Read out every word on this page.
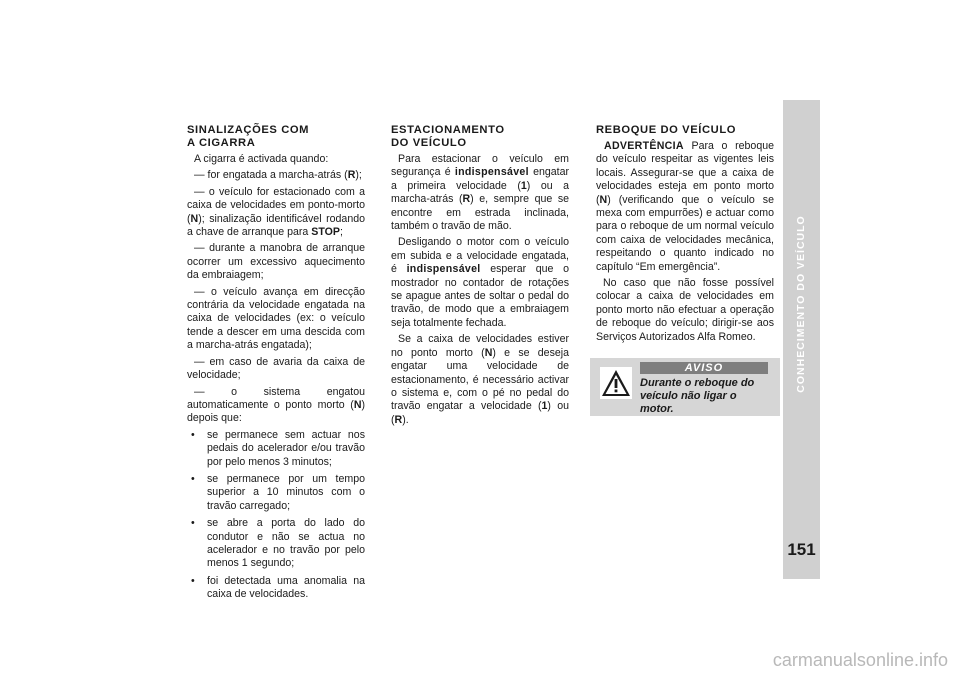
SINALIZAÇÕES COM
A CIGARRA

A cigarra é activada quando:

— for engatada a marcha-atrás (R);

— o veículo for estacionado com a caixa de velocidades em ponto-morto (N); sinalização identificável rodando a chave de arranque para STOP;

— durante a manobra de arranque ocorrer um excessivo aquecimento da embraiagem;

— o veículo avança em direcção contrária da velocidade engatada na caixa de velocidades (ex: o veículo tende a descer em uma descida com a marcha-atrás engatada);

— em caso de avaria da caixa de velocidade;

— o sistema engatou automaticamente o ponto morto (N) depois que:

• se permanece sem actuar nos pedais do acelerador e/ou travão por pelo menos 3 minutos;
• se permanece por um tempo superior a 10 minutos com o travão carregado;
• se abre a porta do lado do condutor e não se actua no acelerador e no travão por pelo menos 1 segundo;
• foi detectada uma anomalia na caixa de velocidades.
ESTACIONAMENTO
DO VEÍCULO

Para estacionar o veículo em segurança é indispensável engatar a primeira velocidade (1) ou a marcha-atrás (R) e, sempre que se encontre em estrada inclinada, também o travão de mão.

Desligando o motor com o veículo em subida e a velocidade engatada, é indispensável esperar que o mostrador no contador de rotações se apague antes de soltar o pedal do travão, de modo que a embraiagem seja totalmente fechada.

Se a caixa de velocidades estiver no ponto morto (N) e se deseja engatar uma velocidade de estacionamento, é necessário activar o sistema e, com o pé no pedal do travão engatar a velocidade (1) ou (R).

REBOQUE DO VEÍCULO

ADVERTÊNCIA Para o reboque do veículo respeitar as vigentes leis locais. Assegurar-se que a caixa de velocidades esteja em ponto morto (N) (verificando que o veículo se mexa com empurrões) e actuar como para o reboque de um normal veículo com caixa de velocidades mecânica, respeitando o quanto indicado no capítulo “Em emergência”.

No caso que não fosse possível colocar a caixa de velocidades em ponto morto não efectuar a operação de reboque do veículo; dirigir-se aos Serviços Autorizados Alfa Romeo.

AVISO
Durante o reboque do veículo não ligar o motor.
CONHECIMENTO DO VEÍCULO
151
carmanualsonline.info
